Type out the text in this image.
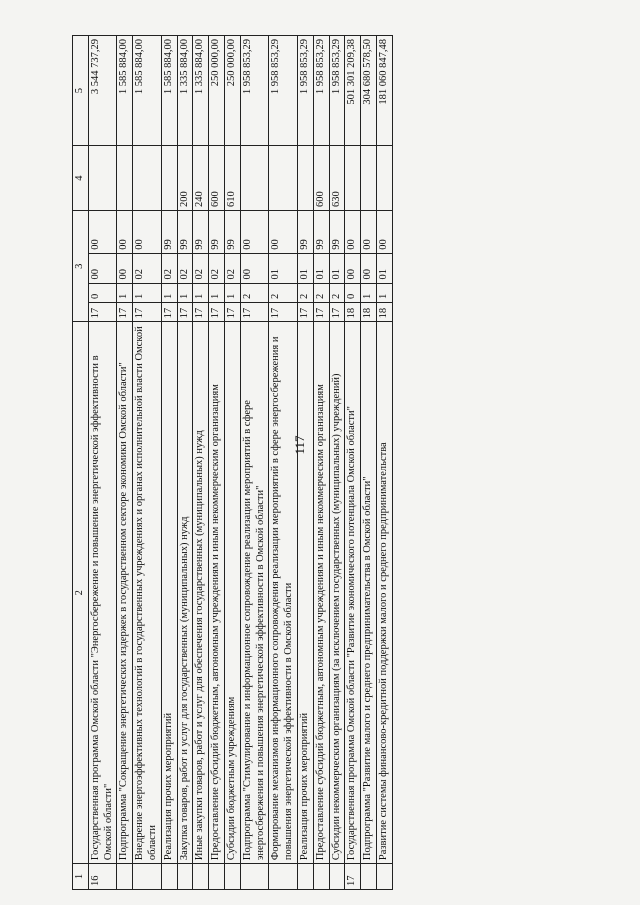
117
1	2	3				4	5
16	Государственная программа Омской области "Энергосбережение и повышение энергетической эффективности в Омской области"	17	0	00	00		3 544 737,29
	Подпрограмма "Сокращение энергетических издержек в государственном секторе экономики Омской области"	17	1	00	00		1 585 884,00
	Внедрение энергоэффективных технологий в государственных учреждениях и органах исполнительной власти Омской области	17	1	02	00		1 585 884,00
	Реализация прочих мероприятий	17	1	02	99		1 585 884,00
	Закупка товаров, работ и услуг для государственных (муниципальных) нужд	17	1	02	99	200	1 335 884,00
	Иные закупки товаров, работ и услуг для обеспечения государственных (муниципальных) нужд	17	1	02	99	240	1 335 884,00
	Предоставление субсидий бюджетным, автономным учреждениям и иным некоммерческим организациям	17	1	02	99	600	250 000,00
	Субсидии бюджетным учреждениям	17	1	02	99	610	250 000,00
	Подпрограмма "Стимулирование и информационное сопровождение реализации мероприятий в сфере энергосбережения и повышения энергетической эффективности в Омской области"	17	2	00	00		1 958 853,29
	Формирование механизмов информационного сопровождения реализации мероприятий в сфере энергосбережения и повышения энергетической эффективности в Омской области	17	2	01	00		1 958 853,29
	Реализация прочих мероприятий	17	2	01	99		1 958 853,29
	Предоставление субсидий бюджетным, автономным учреждениям и иным некоммерческим организациям	17	2	01	99	600	1 958 853,29
	Субсидии некоммерческим организациям (за исключением государственных (муниципальных) учреждений)	17	2	01	99	630	1 958 853,29
17	Государственная программа Омской области "Развитие экономического потенциала Омской области"	18	0	00	00		501 301 209,38
	Подпрограмма "Развитие малого и среднего предпринимательства в Омской области"	18	1	00	00		304 680 578,50
	Развитие системы финансово-кредитной поддержки малого и среднего предпринимательства	18	1	01	00		181 060 847,48
